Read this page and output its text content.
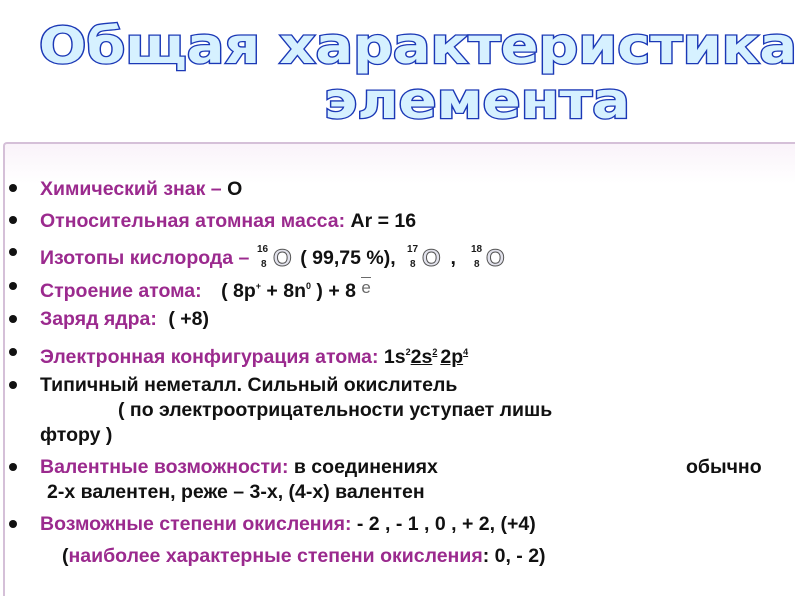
Общая характеристика
элемента
Химический знак – О
Относительная атомная масса: Ar = 16
Изотопы кислорода – 16
8 O ( 99,75 %), 17
8 O , 18
8 O
Строение атома: ( $8p^+ + 8n^0$ ) + 8 e
Заряд ядра: ( +8)
Электронная конфигурация атома: $1s^22s^2$ $2p^4$
Типичный неметалл. Сильный окислитель
( по электроотрицательности уступает лишь
фтору )
Валентные возможности: в соединениях	обычно
2-х валентен, реже – 3-х, (4-х) валентен
Возможные степени окисления: - 2 , - 1 , 0 , + 2, (+4)
(наиболее характерные степени окисления: 0, - 2)
